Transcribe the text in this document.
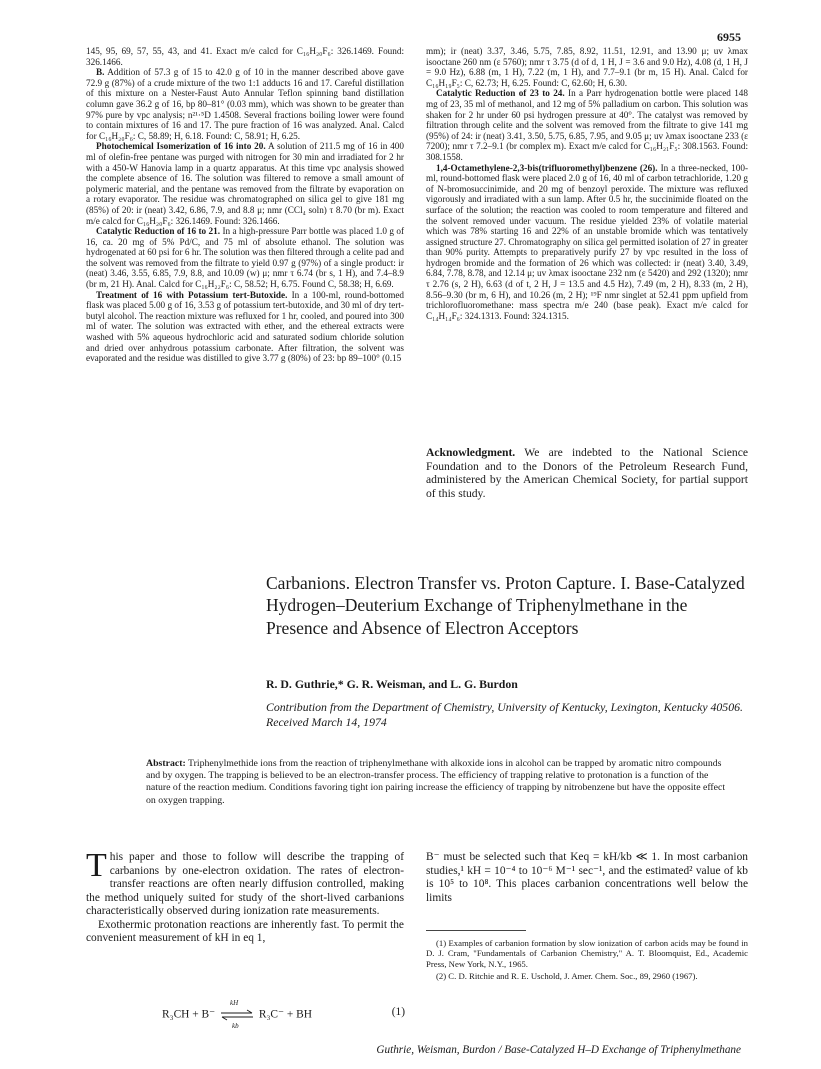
6955

145, 95, 69, 57, 55, 43, and 41. Exact m/e calcd for C₁₆H₂₀F₆: 326.1469. Found: 326.1466.

B. Addition of 57.3 g of 15 to 42.0 g of 10 in the manner described above gave 72.9 g (87%) of a crude mixture of the two 1:1 adducts 16 and 17. Careful distillation of this mixture on a Nester-Faust Auto Annular Teflon spinning band distillation column gave 36.2 g of 16, bp 80–81° (0.03 mm), which was shown to be greater than 97% pure by vpc analysis; n²¹·⁵D 1.4508. Several fractions boiling lower were found to contain mixtures of 16 and 17. The pure fraction of 16 was analyzed. Anal. Calcd for C₁₆H₂₀F₆: C, 58.89; H, 6.18. Found: C, 58.91; H, 6.25.

Photochemical Isomerization of 16 into 20. A solution of 211.5 mg of 16 in 400 ml of olefin-free pentane was purged with nitrogen for 30 min and irradiated for 2 hr with a 450-W Hanovia lamp in a quartz apparatus. At this time vpc analysis showed the complete absence of 16. The solution was filtered to remove a small amount of polymeric material, and the pentane was removed from the filtrate by evaporation on a rotary evaporator. The residue was chromatographed on silica gel to give 181 mg (85%) of 20: ir (neat) 3.42, 6.86, 7.9, and 8.8 μ; nmr (CCl₄ soln) τ 8.70 (br m). Exact m/e calcd for C₁₆H₂₀F₆: 326.1469. Found: 326.1466.

Catalytic Reduction of 16 to 21. In a high-pressure Parr bottle was placed 1.0 g of 16, ca. 20 mg of 5% Pd/C, and 75 ml of absolute ethanol. The solution was hydrogenated at 60 psi for 6 hr. The solution was then filtered through a celite pad and the solvent was removed from the filtrate to yield 0.97 g (97%) of a single product: ir (neat) 3.46, 3.55, 6.85, 7.9, 8.8, and 10.09 (w) μ; nmr τ 6.74 (br s, 1 H), and 7.4–8.9 (br m, 21 H). Anal. Calcd for C₁₆H₂₂F₆: C, 58.52; H, 6.75. Found C, 58.38; H, 6.69.

Treatment of 16 with Potassium tert-Butoxide. In a 100-ml, round-bottomed flask was placed 5.00 g of 16, 3.53 g of potassium tert-butoxide, and 30 ml of dry tert-butyl alcohol. The reaction mixture was refluxed for 1 hr, cooled, and poured into 300 ml of water. The solution was extracted with ether, and the ethereal extracts were washed with 5% aqueous hydrochloric acid and saturated sodium chloride solution and dried over anhydrous potassium carbonate. After filtration, the solvent was evaporated and the residue was distilled to give 3.77 g (80%) of 23: bp 89–100° (0.15

mm); ir (neat) 3.37, 3.46, 5.75, 7.85, 8.92, 11.51, 12.91, and 13.90 μ; uv λmax isooctane 260 nm (ε 5760); nmr τ 3.75 (d of d, 1 H, J = 3.6 and 9.0 Hz), 4.08 (d, 1 H, J = 9.0 Hz), 6.88 (m, 1 H), 7.22 (m, 1 H), and 7.7–9.1 (br m, 15 H). Anal. Calcd for C₁₆H₁₉F₅: C, 62.73; H, 6.25. Found: C, 62.60; H, 6.30.

Catalytic Reduction of 23 to 24. In a Parr hydrogenation bottle were placed 148 mg of 23, 35 ml of methanol, and 12 mg of 5% palladium on carbon. This solution was shaken for 2 hr under 60 psi hydrogen pressure at 40°. The catalyst was removed by filtration through celite and the solvent was removed from the filtrate to give 141 mg (95%) of 24: ir (neat) 3.41, 3.50, 5.75, 6.85, 7.95, and 9.05 μ; uv λmax isooctane 233 (ε 7200); nmr τ 7.2–9.1 (br complex m). Exact m/e calcd for C₁₆H₂₁F₅: 308.1563. Found: 308.1558.

1,4-Octamethylene-2,3-bis(trifluoromethyl)benzene (26). In a three-necked, 100-ml, round-bottomed flask were placed 2.0 g of 16, 40 ml of carbon tetrachloride, 1.20 g of N-bromosuccinimide, and 20 mg of benzoyl peroxide. The mixture was refluxed vigorously and irradiated with a sun lamp. After 0.5 hr, the succinimide floated on the surface of the solution; the reaction was cooled to room temperature and filtered and the solvent removed under vacuum. The residue yielded 23% of volatile material which was 78% starting 16 and 22% of an unstable bromide which was tentatively assigned structure 27. Chromatography on silica gel permitted isolation of 27 in greater than 90% purity. Attempts to preparatively purify 27 by vpc resulted in the loss of hydrogen bromide and the formation of 26 which was collected: ir (neat) 3.40, 3.49, 6.84, 7.78, 8.78, and 12.14 μ; uv λmax isooctane 232 nm (ε 5420) and 292 (1320); nmr τ 2.76 (s, 2 H), 6.63 (d of t, 2 H, J = 13.5 and 4.5 Hz), 7.49 (m, 2 H), 8.33 (m, 2 H), 8.56–9.30 (br m, 6 H), and 10.26 (m, 2 H); ¹⁹F nmr singlet at 52.41 ppm upfield from trichlorofluoromethane: mass spectra m/e 240 (base peak). Exact m/e calcd for C₁₄H₁₄F₆: 324.1313. Found: 324.1315.

Acknowledgment. We are indebted to the National Science Foundation and to the Donors of the Petroleum Research Fund, administered by the American Chemical Society, for partial support of this study.
Carbanions. Electron Transfer vs. Proton Capture. I. Base-Catalyzed Hydrogen–Deuterium Exchange of Triphenylmethane in the Presence and Absence of Electron Acceptors
R. D. Guthrie,* G. R. Weisman, and L. G. Burdon
Contribution from the Department of Chemistry, University of Kentucky, Lexington, Kentucky 40506. Received March 14, 1974
Abstract: Triphenylmethide ions from the reaction of triphenylmethane with alkoxide ions in alcohol can be trapped by aromatic nitro compounds and by oxygen. The trapping is believed to be an electron-transfer process. The efficiency of trapping relative to protonation is a function of the nature of the reaction medium. Conditions favoring tight ion pairing increase the efficiency of trapping by nitrobenzene but have the opposite effect on oxygen trapping.

This paper and those to follow will describe the trapping of carbanions by one-electron oxidation. The rates of electron-transfer reactions are often nearly diffusion controlled, making the method uniquely suited for study of the short-lived carbanions characteristically observed during ionization rate measurements.

Exothermic protonation reactions are inherently fast. To permit the convenient measurement of kH in eq 1,

R₃CH + B⁻
kH
kb
R₃C⁻ + BH	(1)
B⁻ must be selected such that Keq = kH/kb ≪ 1. In most carbanion studies,¹ kH = 10⁻⁴ to 10⁻⁶ M⁻¹ sec⁻¹, and the estimated² value of kb is 10⁵ to 10⁸. This places carbanion concentrations well below the limits

(1) Examples of carbanion formation by slow ionization of carbon acids may be found in D. J. Cram, "Fundamentals of Carbanion Chemistry," A. T. Bloomquist, Ed., Academic Press, New York, N.Y., 1965.

(2) C. D. Ritchie and R. E. Uschold, J. Amer. Chem. Soc., 89, 2960 (1967).

Guthrie, Weisman, Burdon / Base-Catalyzed H–D Exchange of Triphenylmethane
